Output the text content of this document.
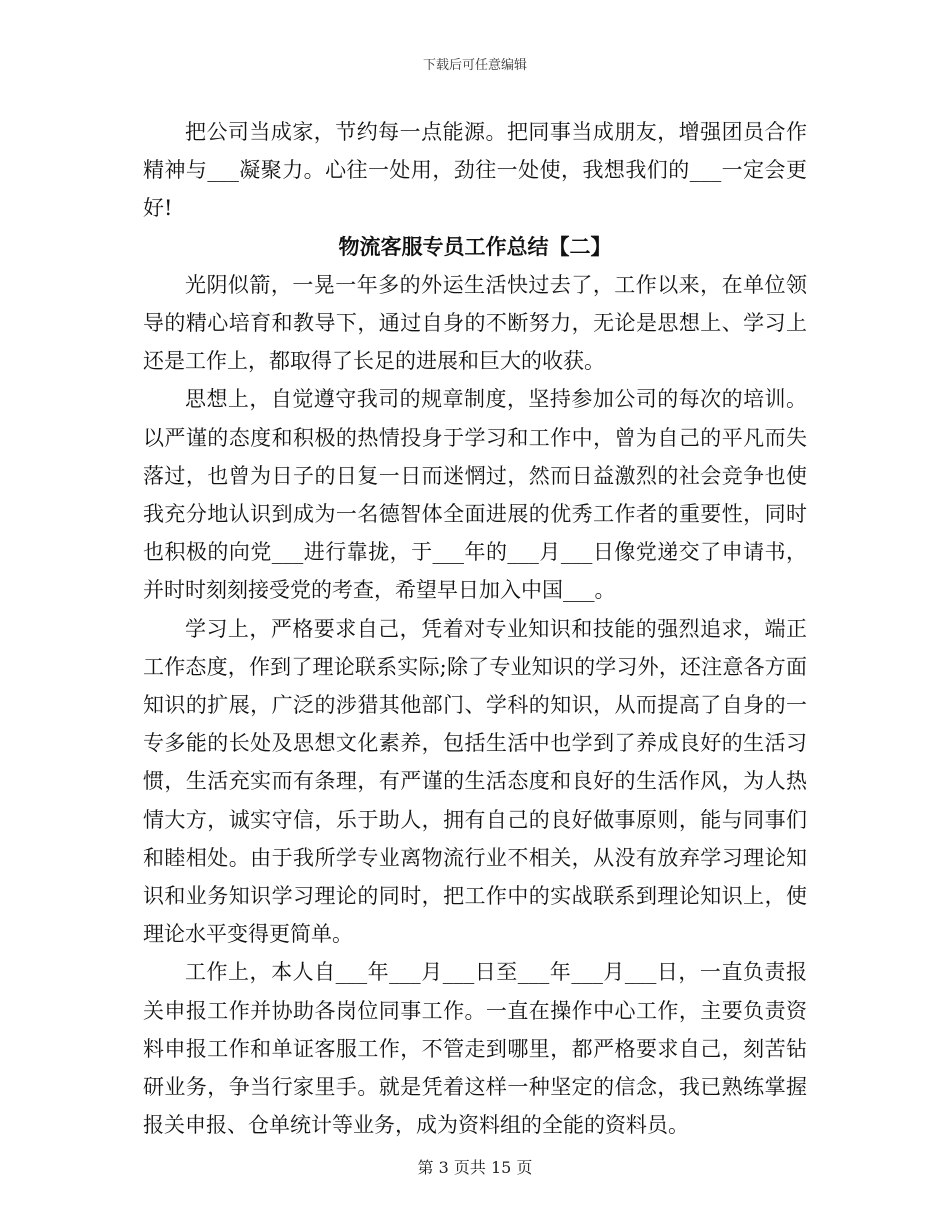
下载后可任意编辑

把公司当成家，节约每一点能源。把同事当成朋友，增强团员合作精神与___凝聚力。心往一处用，劲往一处使，我想我们的___一定会更好!

物流客服专员工作总结【二】

光阴似箭，一晃一年多的外运生活快过去了，工作以来，在单位领导的精心培育和教导下，通过自身的不断努力，无论是思想上、学习上还是工作上，都取得了长足的进展和巨大的收获。

思想上，自觉遵守我司的规章制度，坚持参加公司的每次的培训。以严谨的态度和积极的热情投身于学习和工作中，曾为自己的平凡而失落过，也曾为日子的日复一日而迷惘过，然而日益激烈的社会竞争也使我充分地认识到成为一名德智体全面进展的优秀工作者的重要性，同时也积极的向党___进行靠拢，于___年的___月___日像党递交了申请书，并时时刻刻接受党的考查，希望早日加入中国___。

学习上，严格要求自己，凭着对专业知识和技能的强烈追求，端正工作态度，作到了理论联系实际;除了专业知识的学习外，还注意各方面知识的扩展，广泛的涉猎其他部门、学科的知识，从而提高了自身的一专多能的长处及思想文化素养，包括生活中也学到了养成良好的生活习惯，生活充实而有条理，有严谨的生活态度和良好的生活作风，为人热情大方，诚实守信，乐于助人，拥有自己的良好做事原则，能与同事们和睦相处。由于我所学专业离物流行业不相关，从没有放弃学习理论知识和业务知识学习理论的同时，把工作中的实战联系到理论知识上，使理论水平变得更简单。

工作上，本人自___年___月___日至___年___月___日，一直负责报关申报工作并协助各岗位同事工作。一直在操作中心工作，主要负责资料申报工作和单证客服工作，不管走到哪里，都严格要求自己，刻苦钻研业务，争当行家里手。就是凭着这样一种坚定的信念，我已熟练掌握报关申报、仓单统计等业务，成为资料组的全能的资料员。

第 3 页共 15 页
